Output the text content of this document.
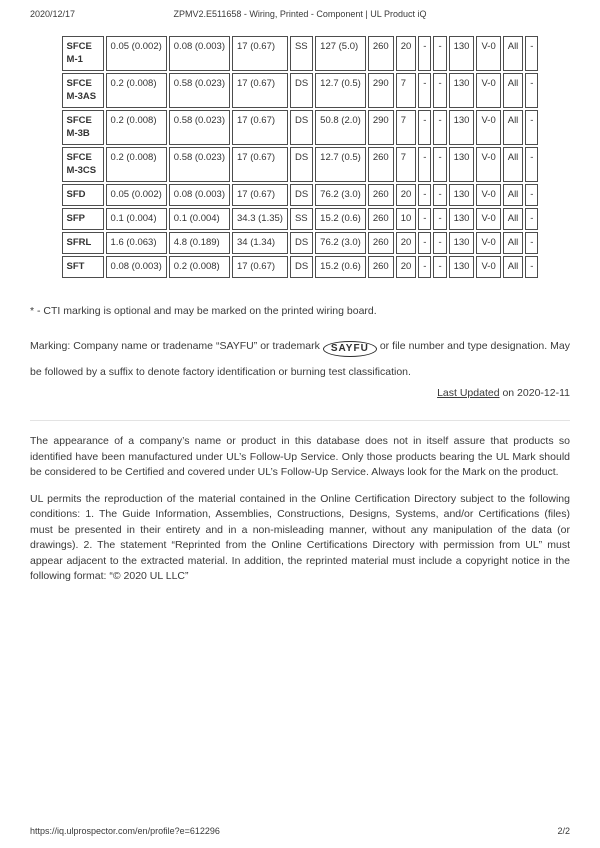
2020/12/17	ZPMV2.E511658 - Wiring, Printed - Component | UL Product iQ
SFCEM-1	0.05 (0.002)	0.08 (0.003)	17 (0.67)	SS	127 (5.0)	260	20	-	-	130	V-0	All	-
SFCEM-3AS	0.2 (0.008)	0.58 (0.023)	17 (0.67)	DS	12.7 (0.5)	290	7	-	-	130	V-0	All	-
SFCEM-3B	0.2 (0.008)	0.58 (0.023)	17 (0.67)	DS	50.8 (2.0)	290	7	-	-	130	V-0	All	-
SFCEM-3CS	0.2 (0.008)	0.58 (0.023)	17 (0.67)	DS	12.7 (0.5)	260	7	-	-	130	V-0	All	-
SFD	0.05 (0.002)	0.08 (0.003)	17 (0.67)	DS	76.2 (3.0)	260	20	-	-	130	V-0	All	-
SFP	0.1 (0.004)	0.1 (0.004)	34.3 (1.35)	SS	15.2 (0.6)	260	10	-	-	130	V-0	All	-
SFRL	1.6 (0.063)	4.8 (0.189)	34 (1.34)	DS	76.2 (3.0)	260	20	-	-	130	V-0	All	-
SFT	0.08 (0.003)	0.2 (0.008)	17 (0.67)	DS	15.2 (0.6)	260	20	-	-	130	V-0	All	-

* - CTI marking is optional and may be marked on the printed wiring board.

Marking: Company name or tradename “SAYFU” or trademark SAYFU or file number and type designation. May be followed by a suffix to denote factory identification or burning test classification.

Last Updated on 2020-12-11

The appearance of a company’s name or product in this database does not in itself assure that products so identified have been manufactured under UL’s Follow-Up Service. Only those products bearing the UL Mark should be considered to be Certified and covered under UL’s Follow-Up Service. Always look for the Mark on the product.

UL permits the reproduction of the material contained in the Online Certification Directory subject to the following conditions: 1. The Guide Information, Assemblies, Constructions, Designs, Systems, and/or Certifications (files) must be presented in their entirety and in a non-misleading manner, without any manipulation of the data (or drawings). 2. The statement “Reprinted from the Online Certifications Directory with permission from UL” must appear adjacent to the extracted material. In addition, the reprinted material must include a copyright notice in the following format: “© 2020 UL LLC”

https://iq.ulprospector.com/en/profile?e=612296	2/2
